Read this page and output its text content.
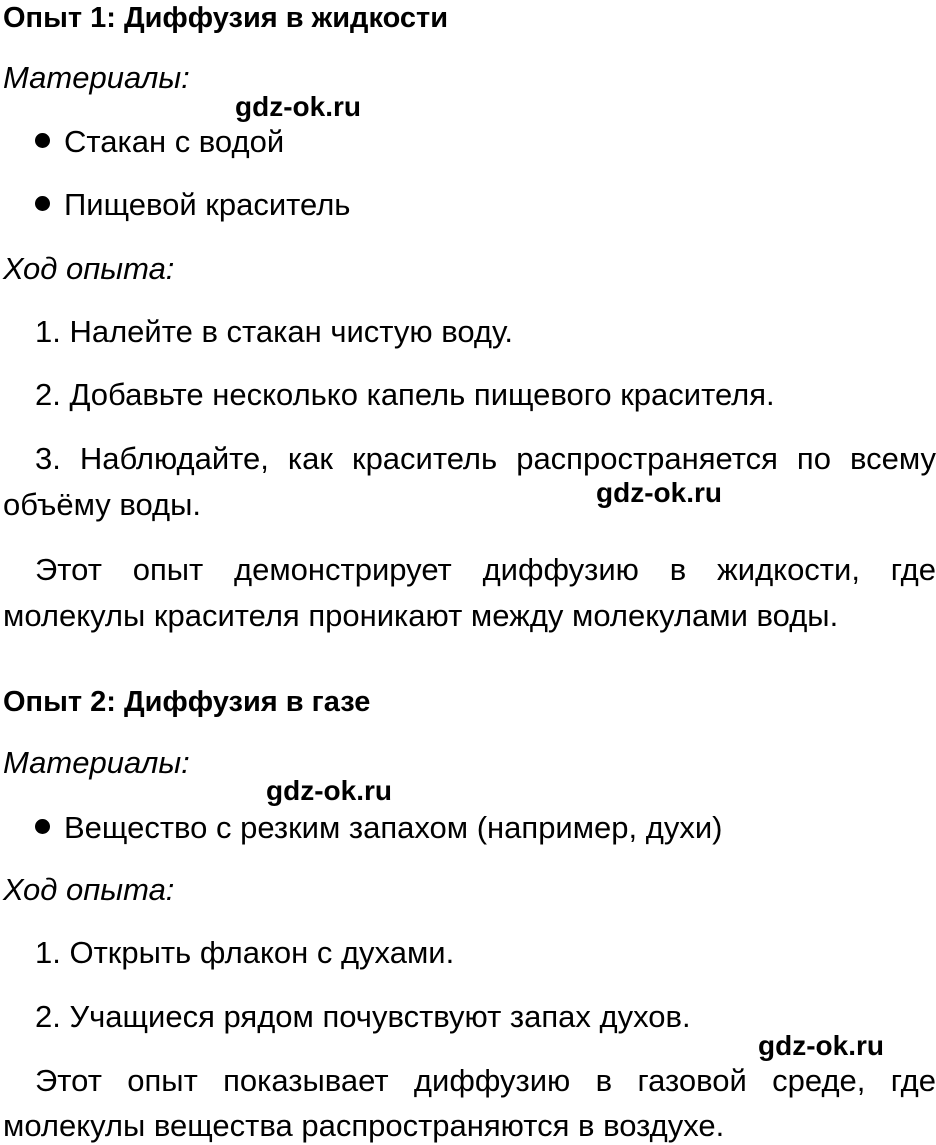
Опыт 1: Диффузия в жидкости
Материалы:
Стакан с водой
Пищевой краситель
Ход опыта:
1. Налейте в стакан чистую воду.
2. Добавьте несколько капель пищевого красителя.
3. Наблюдайте, как краситель распространяется по всему
объёму воды.
Этот опыт демонстрирует диффузию в жидкости, где
молекулы красителя проникают между молекулами воды.
Опыт 2: Диффузия в газе
Материалы:
Вещество с резким запахом (например, духи)
Ход опыта:
1. Открыть флакон с духами.
2. Учащиеся рядом почувствуют запах духов.
Этот опыт показывает диффузию в газовой среде, где
молекулы вещества распространяются в воздухе.
gdz-ok.ru
gdz-ok.ru
gdz-ok.ru
gdz-ok.ru
